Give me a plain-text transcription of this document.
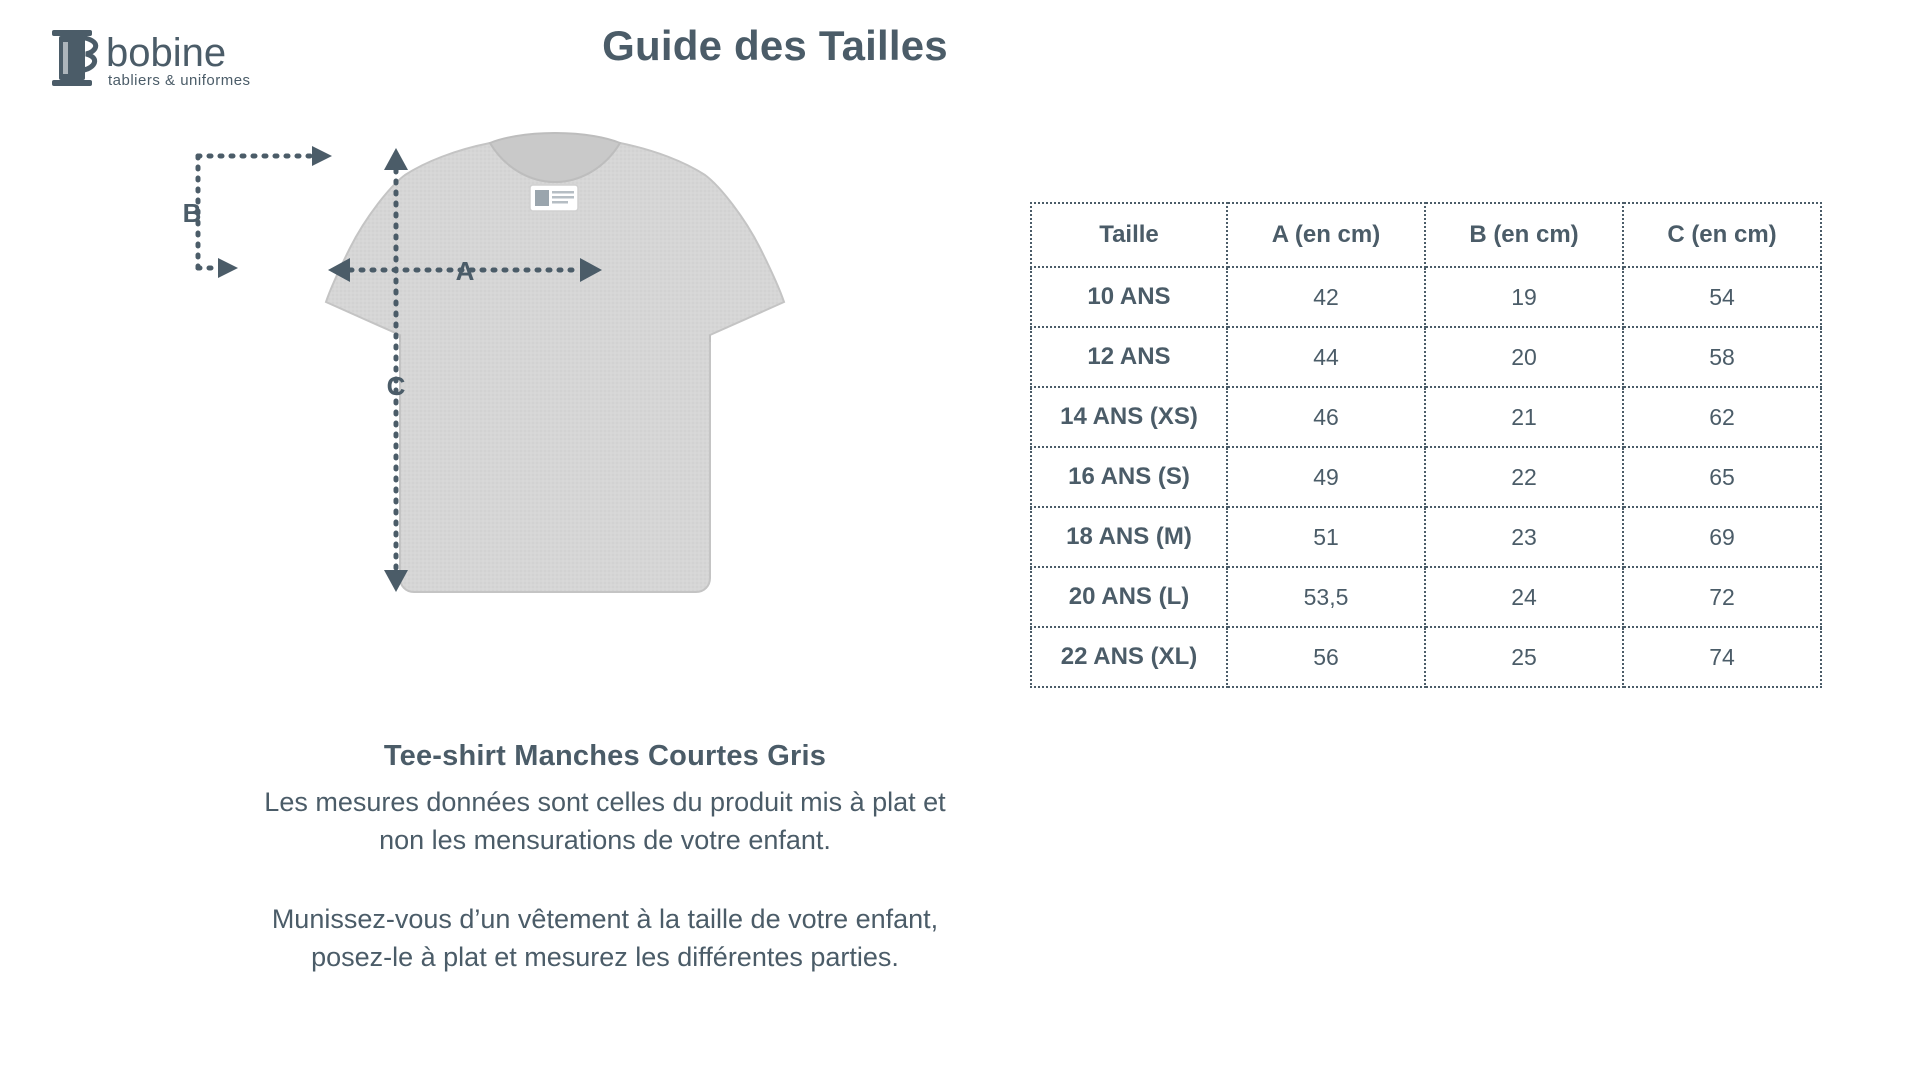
bobine
tabliers & uniformes
Guide des Tailles
B
A
C
Tee-shirt Manches Courtes Gris
Les mesures données sont celles du produit mis à plat et
non les mensurations de votre enfant.
Munissez-vous d’un vêtement à la taille de votre enfant,
posez-le à plat et mesurez les différentes parties.
Taille	A (en cm)	B (en cm)	C (en cm)
10 ANS	42	19	54
12 ANS	44	20	58
14 ANS (XS)	46	21	62
16 ANS (S)	49	22	65
18 ANS (M)	51	23	69
20 ANS (L)	53,5	24	72
22 ANS (XL)	56	25	74
